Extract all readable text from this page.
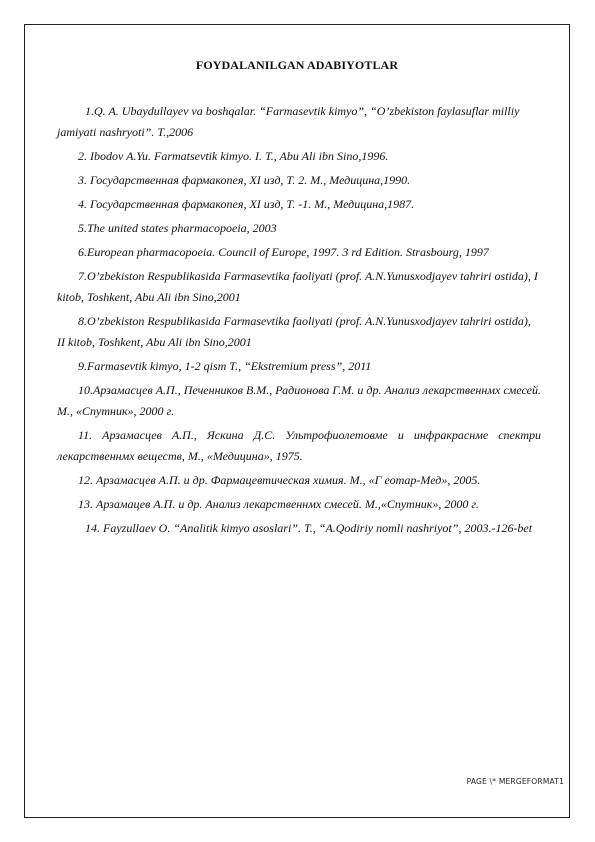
FOYDALANILGAN ADABIYOTLAR

1.Q. A. Ubaydullayev va boshqalar. “Farmasevtik kimyo”, “O’zbekiston faylasuflar milliy jamiyati nashryoti”. T.,2006

2. Ibodov A.Yu. Farmatsevtik kimyo. I. T., Abu Ali ibn Sino,1996.

3. Государственная фармакопея, XI изд, Т. 2. М., Медицина,1990.

4. Государственная фармакопея, XI изд, Т. -1. М., Медицина,1987.

5.The united states pharmacopoeia, 2003

6.European pharmacopoeia. Council of Europe, 1997. 3 rd Edition. Strasbourg, 1997

7.O’zbekiston Respublikasida Farmasevtika faoliyati (prof. A.N.Yunusxodjayev tahriri ostida), I kitob, Toshkent, Abu Ali ibn Sino,2001

8.O’zbekiston Respublikasida Farmasevtika faoliyati (prof. A.N.Yunusxodjayev tahriri ostida), II kitob, Toshkent, Abu Ali ibn Sino,2001

9.Farmasevtik kimyo, 1-2 qism T., “Ekstremium press”, 2011

10.Арзамасцев А.П., Печенников В.М., Радионова Г.М. и др. Анализ лекарственнмх смесей. М., «Спутник», 2000 г.

11. Арзамасцев А.П., Яскина Д.С. Ультрофиолетовме и инфракраснме спектри лекарственнмх веществ, М., «Медицина», 1975.

12. Арзамасцев А.П. и др. Фармацевтическая химия. М., «Г еотар-Мед», 2005.

13. Арзамацев А.П. и др. Анализ лекарственнмх смесей. М.,«Спутник», 2000 г.

14. Fayzullaev O. “Analitik kimyo asoslari”. T., “A.Qodiriy nomli nashriyot”, 2003.-126-bet

PAGE \* MERGEFORMAT1
